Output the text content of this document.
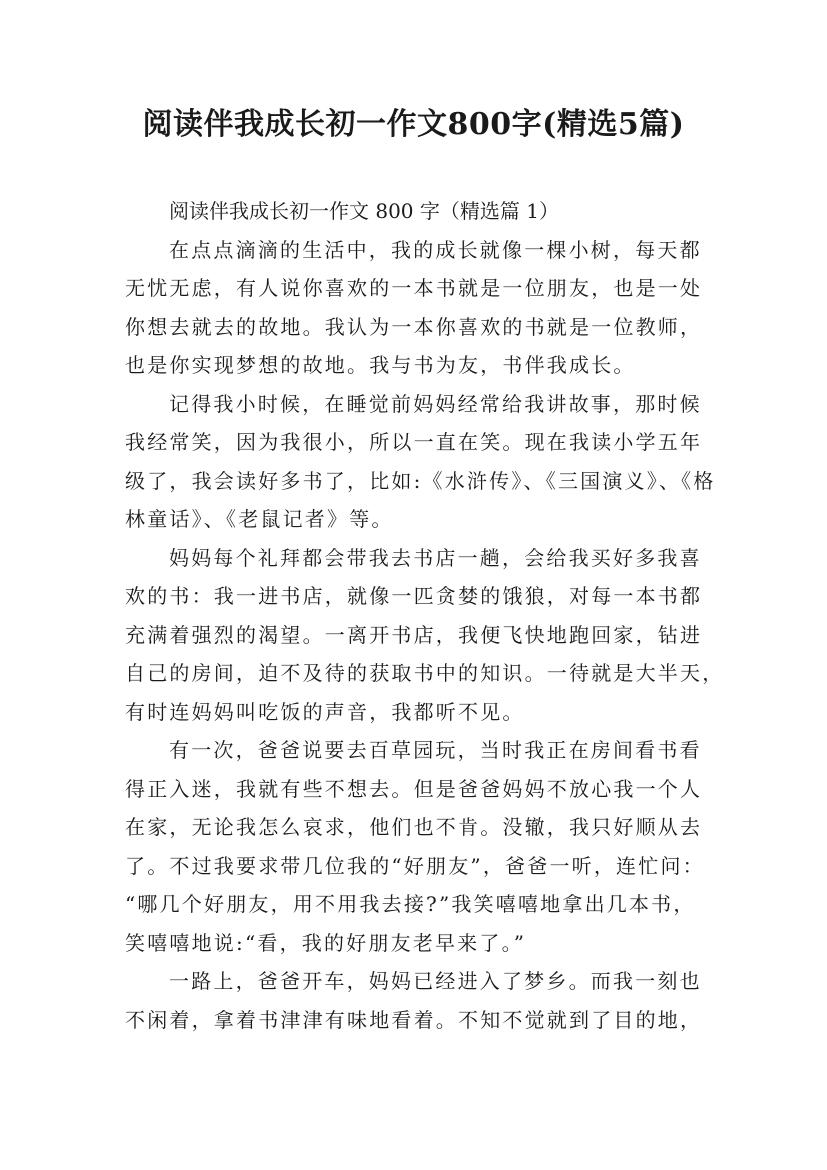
阅读伴我成长初一作文800字(精选5篇)
阅读伴我成长初一作文 800 字（精选篇 1）

在点点滴滴的生活中，我的成长就像一棵小树，每天都
无忧无虑，有人说你喜欢的一本书就是一位朋友，也是一处
你想去就去的故地。我认为一本你喜欢的书就是一位教师，
也是你实现梦想的故地。我与书为友，书伴我成长。

记得我小时候，在睡觉前妈妈经常给我讲故事，那时候
我经常笑，因为我很小，所以一直在笑。现在我读小学五年
级了，我会读好多书了，比如:《水浒传》、《三国演义》、《格
林童话》、《老鼠记者》等。

妈妈每个礼拜都会带我去书店一趟，会给我买好多我喜
欢的书：我一进书店，就像一匹贪婪的饿狼，对每一本书都
充满着强烈的渴望。一离开书店，我便飞快地跑回家，钻进
自己的房间，迫不及待的获取书中的知识。一待就是大半天，
有时连妈妈叫吃饭的声音，我都听不见。

有一次，爸爸说要去百草园玩，当时我正在房间看书看
得正入迷，我就有些不想去。但是爸爸妈妈不放心我一个人
在家，无论我怎么哀求，他们也不肯。没辙，我只好顺从去
了。不过我要求带几位我的“好朋友”，爸爸一听，连忙问：
“哪几个好朋友，用不用我去接?”我笑嘻嘻地拿出几本书，
笑嘻嘻地说:“看，我的好朋友老早来了。”

一路上，爸爸开车，妈妈已经进入了梦乡。而我一刻也
不闲着，拿着书津津有味地看着。不知不觉就到了目的地，
